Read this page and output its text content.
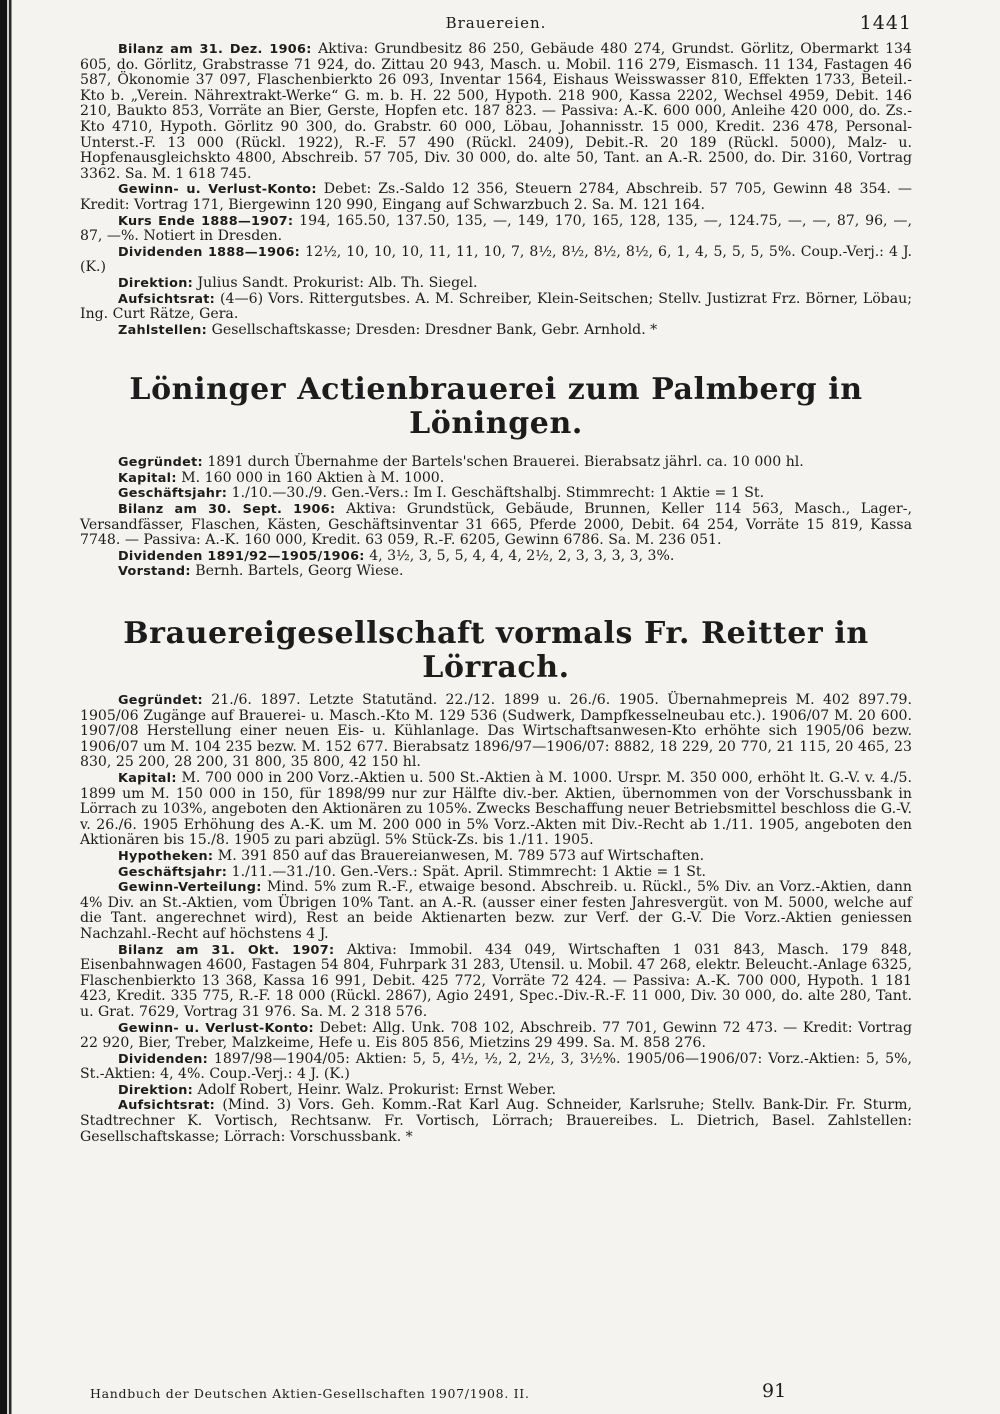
Brauereien.	1441

Bilanz am 31. Dez. 1906: Aktiva: Grundbesitz 86 250, Gebäude 480 274, Grundst. Görlitz, Obermarkt 134 605, do. Görlitz, Grabstrasse 71 924, do. Zittau 20 943, Masch. u. Mobil. 116 279, Eismasch. 11 134, Fastagen 46 587, Ökonomie 37 097, Flaschenbierkto 26 093, Inventar 1564, Eishaus Weisswasser 810, Effekten 1733, Beteil.-Kto b. „Verein. Nährextrakt-Werke“ G. m. b. H. 22 500, Hypoth. 218 900, Kassa 2202, Wechsel 4959, Debit. 146 210, Baukto 853, Vorräte an Bier, Gerste, Hopfen etc. 187 823. — Passiva: A.-K. 600 000, Anleihe 420 000, do. Zs.-Kto 4710, Hypoth. Görlitz 90 300, do. Grabstr. 60 000, Löbau, Johannisstr. 15 000, Kredit. 236 478, Personal-Unterst.-F. 13 000 (Rückl. 1922), R.-F. 57 490 (Rückl. 2409), Debit.-R. 20 189 (Rückl. 5000), Malz- u. Hopfenausgleichskto 4800, Abschreib. 57 705, Div. 30 000, do. alte 50, Tant. an A.-R. 2500, do. Dir. 3160, Vortrag 3362. Sa. M. 1 618 745.

Gewinn- u. Verlust-Konto: Debet: Zs.-Saldo 12 356, Steuern 2784, Abschreib. 57 705, Gewinn 48 354. — Kredit: Vortrag 171, Biergewinn 120 990, Eingang auf Schwarzbuch 2. Sa. M. 121 164.

Kurs Ende 1888—1907: 194, 165.50, 137.50, 135, —, 149, 170, 165, 128, 135, —, 124.75, —, —, 87, 96, —, 87, —%. Notiert in Dresden.

Dividenden 1888—1906: 12½, 10, 10, 10, 11, 11, 10, 7, 8½, 8½, 8½, 8½, 6, 1, 4, 5, 5, 5, 5%. Coup.-Verj.: 4 J. (K.)

Direktion: Julius Sandt. Prokurist: Alb. Th. Siegel.

Aufsichtsrat: (4—6) Vors. Rittergutsbes. A. M. Schreiber, Klein-Seitschen; Stellv. Justizrat Frz. Börner, Löbau; Ing. Curt Rätze, Gera.

Zahlstellen: Gesellschaftskasse; Dresden: Dresdner Bank, Gebr. Arnhold. *

Löninger Actienbrauerei zum Palmberg in Löningen.

Gegründet: 1891 durch Übernahme der Bartels'schen Brauerei. Bierabsatz jährl. ca. 10 000 hl.

Kapital: M. 160 000 in 160 Aktien à M. 1000.

Geschäftsjahr: 1./10.—30./9. Gen.-Vers.: Im I. Geschäftshalbj. Stimmrecht: 1 Aktie = 1 St.

Bilanz am 30. Sept. 1906: Aktiva: Grundstück, Gebäude, Brunnen, Keller 114 563, Masch., Lager-, Versandfässer, Flaschen, Kästen, Geschäftsinventar 31 665, Pferde 2000, Debit. 64 254, Vorräte 15 819, Kassa 7748. — Passiva: A.-K. 160 000, Kredit. 63 059, R.-F. 6205, Gewinn 6786. Sa. M. 236 051.

Dividenden 1891/92—1905/1906: 4, 3½, 3, 5, 5, 4, 4, 4, 2½, 2, 3, 3, 3, 3, 3%.

Vorstand: Bernh. Bartels, Georg Wiese.

Brauereigesellschaft vormals Fr. Reitter in Lörrach.

Gegründet: 21./6. 1897. Letzte Statutänd. 22./12. 1899 u. 26./6. 1905. Übernahmepreis M. 402 897.79. 1905/06 Zugänge auf Brauerei- u. Masch.-Kto M. 129 536 (Sudwerk, Dampfkesselneubau etc.). 1906/07 M. 20 600. 1907/08 Herstellung einer neuen Eis- u. Kühlanlage. Das Wirtschaftsanwesen-Kto erhöhte sich 1905/06 bezw. 1906/07 um M. 104 235 bezw. M. 152 677. Bierabsatz 1896/97—1906/07: 8882, 18 229, 20 770, 21 115, 20 465, 23 830, 25 200, 28 200, 31 800, 35 800, 42 150 hl.

Kapital: M. 700 000 in 200 Vorz.-Aktien u. 500 St.-Aktien à M. 1000. Urspr. M. 350 000, erhöht lt. G.-V. v. 4./5. 1899 um M. 150 000 in 150, für 1898/99 nur zur Hälfte div.-ber. Aktien, übernommen von der Vorschussbank in Lörrach zu 103%, angeboten den Aktionären zu 105%. Zwecks Beschaffung neuer Betriebsmittel beschloss die G.-V. v. 26./6. 1905 Erhöhung des A.-K. um M. 200 000 in 5% Vorz.-Akten mit Div.-Recht ab 1./11. 1905, angeboten den Aktionären bis 15./8. 1905 zu pari abzügl. 5% Stück-Zs. bis 1./11. 1905.

Hypotheken: M. 391 850 auf das Brauereianwesen, M. 789 573 auf Wirtschaften.

Geschäftsjahr: 1./11.—31./10. Gen.-Vers.: Spät. April. Stimmrecht: 1 Aktie = 1 St.

Gewinn-Verteilung: Mind. 5% zum R.-F., etwaige besond. Abschreib. u. Rückl., 5% Div. an Vorz.-Aktien, dann 4% Div. an St.-Aktien, vom Übrigen 10% Tant. an A.-R. (ausser einer festen Jahresvergüt. von M. 5000, welche auf die Tant. angerechnet wird), Rest an beide Aktienarten bezw. zur Verf. der G.-V. Die Vorz.-Aktien geniessen Nachzahl.-Recht auf höchstens 4 J.

Bilanz am 31. Okt. 1907: Aktiva: Immobil. 434 049, Wirtschaften 1 031 843, Masch. 179 848, Eisenbahnwagen 4600, Fastagen 54 804, Fuhrpark 31 283, Utensil. u. Mobil. 47 268, elektr. Beleucht.-Anlage 6325, Flaschenbierkto 13 368, Kassa 16 991, Debit. 425 772, Vorräte 72 424. — Passiva: A.-K. 700 000, Hypoth. 1 181 423, Kredit. 335 775, R.-F. 18 000 (Rückl. 2867), Agio 2491, Spec.-Div.-R.-F. 11 000, Div. 30 000, do. alte 280, Tant. u. Grat. 7629, Vortrag 31 976. Sa. M. 2 318 576.

Gewinn- u. Verlust-Konto: Debet: Allg. Unk. 708 102, Abschreib. 77 701, Gewinn 72 473. — Kredit: Vortrag 22 920, Bier, Treber, Malzkeime, Hefe u. Eis 805 856, Mietzins 29 499. Sa. M. 858 276.

Dividenden: 1897/98—1904/05: Aktien: 5, 5, 4½, ½, 2, 2½, 3, 3½%. 1905/06—1906/07: Vorz.-Aktien: 5, 5%, St.-Aktien: 4, 4%. Coup.-Verj.: 4 J. (K.)

Direktion: Adolf Robert, Heinr. Walz. Prokurist: Ernst Weber.

Aufsichtsrat: (Mind. 3) Vors. Geh. Komm.-Rat Karl Aug. Schneider, Karlsruhe; Stellv. Bank-Dir. Fr. Sturm, Stadtrechner K. Vortisch, Rechtsanw. Fr. Vortisch, Lörrach; Brauereibes. L. Dietrich, Basel. Zahlstellen: Gesellschaftskasse; Lörrach: Vorschussbank. *

Handbuch der Deutschen Aktien-Gesellschaften 1907/1908. II.	91
